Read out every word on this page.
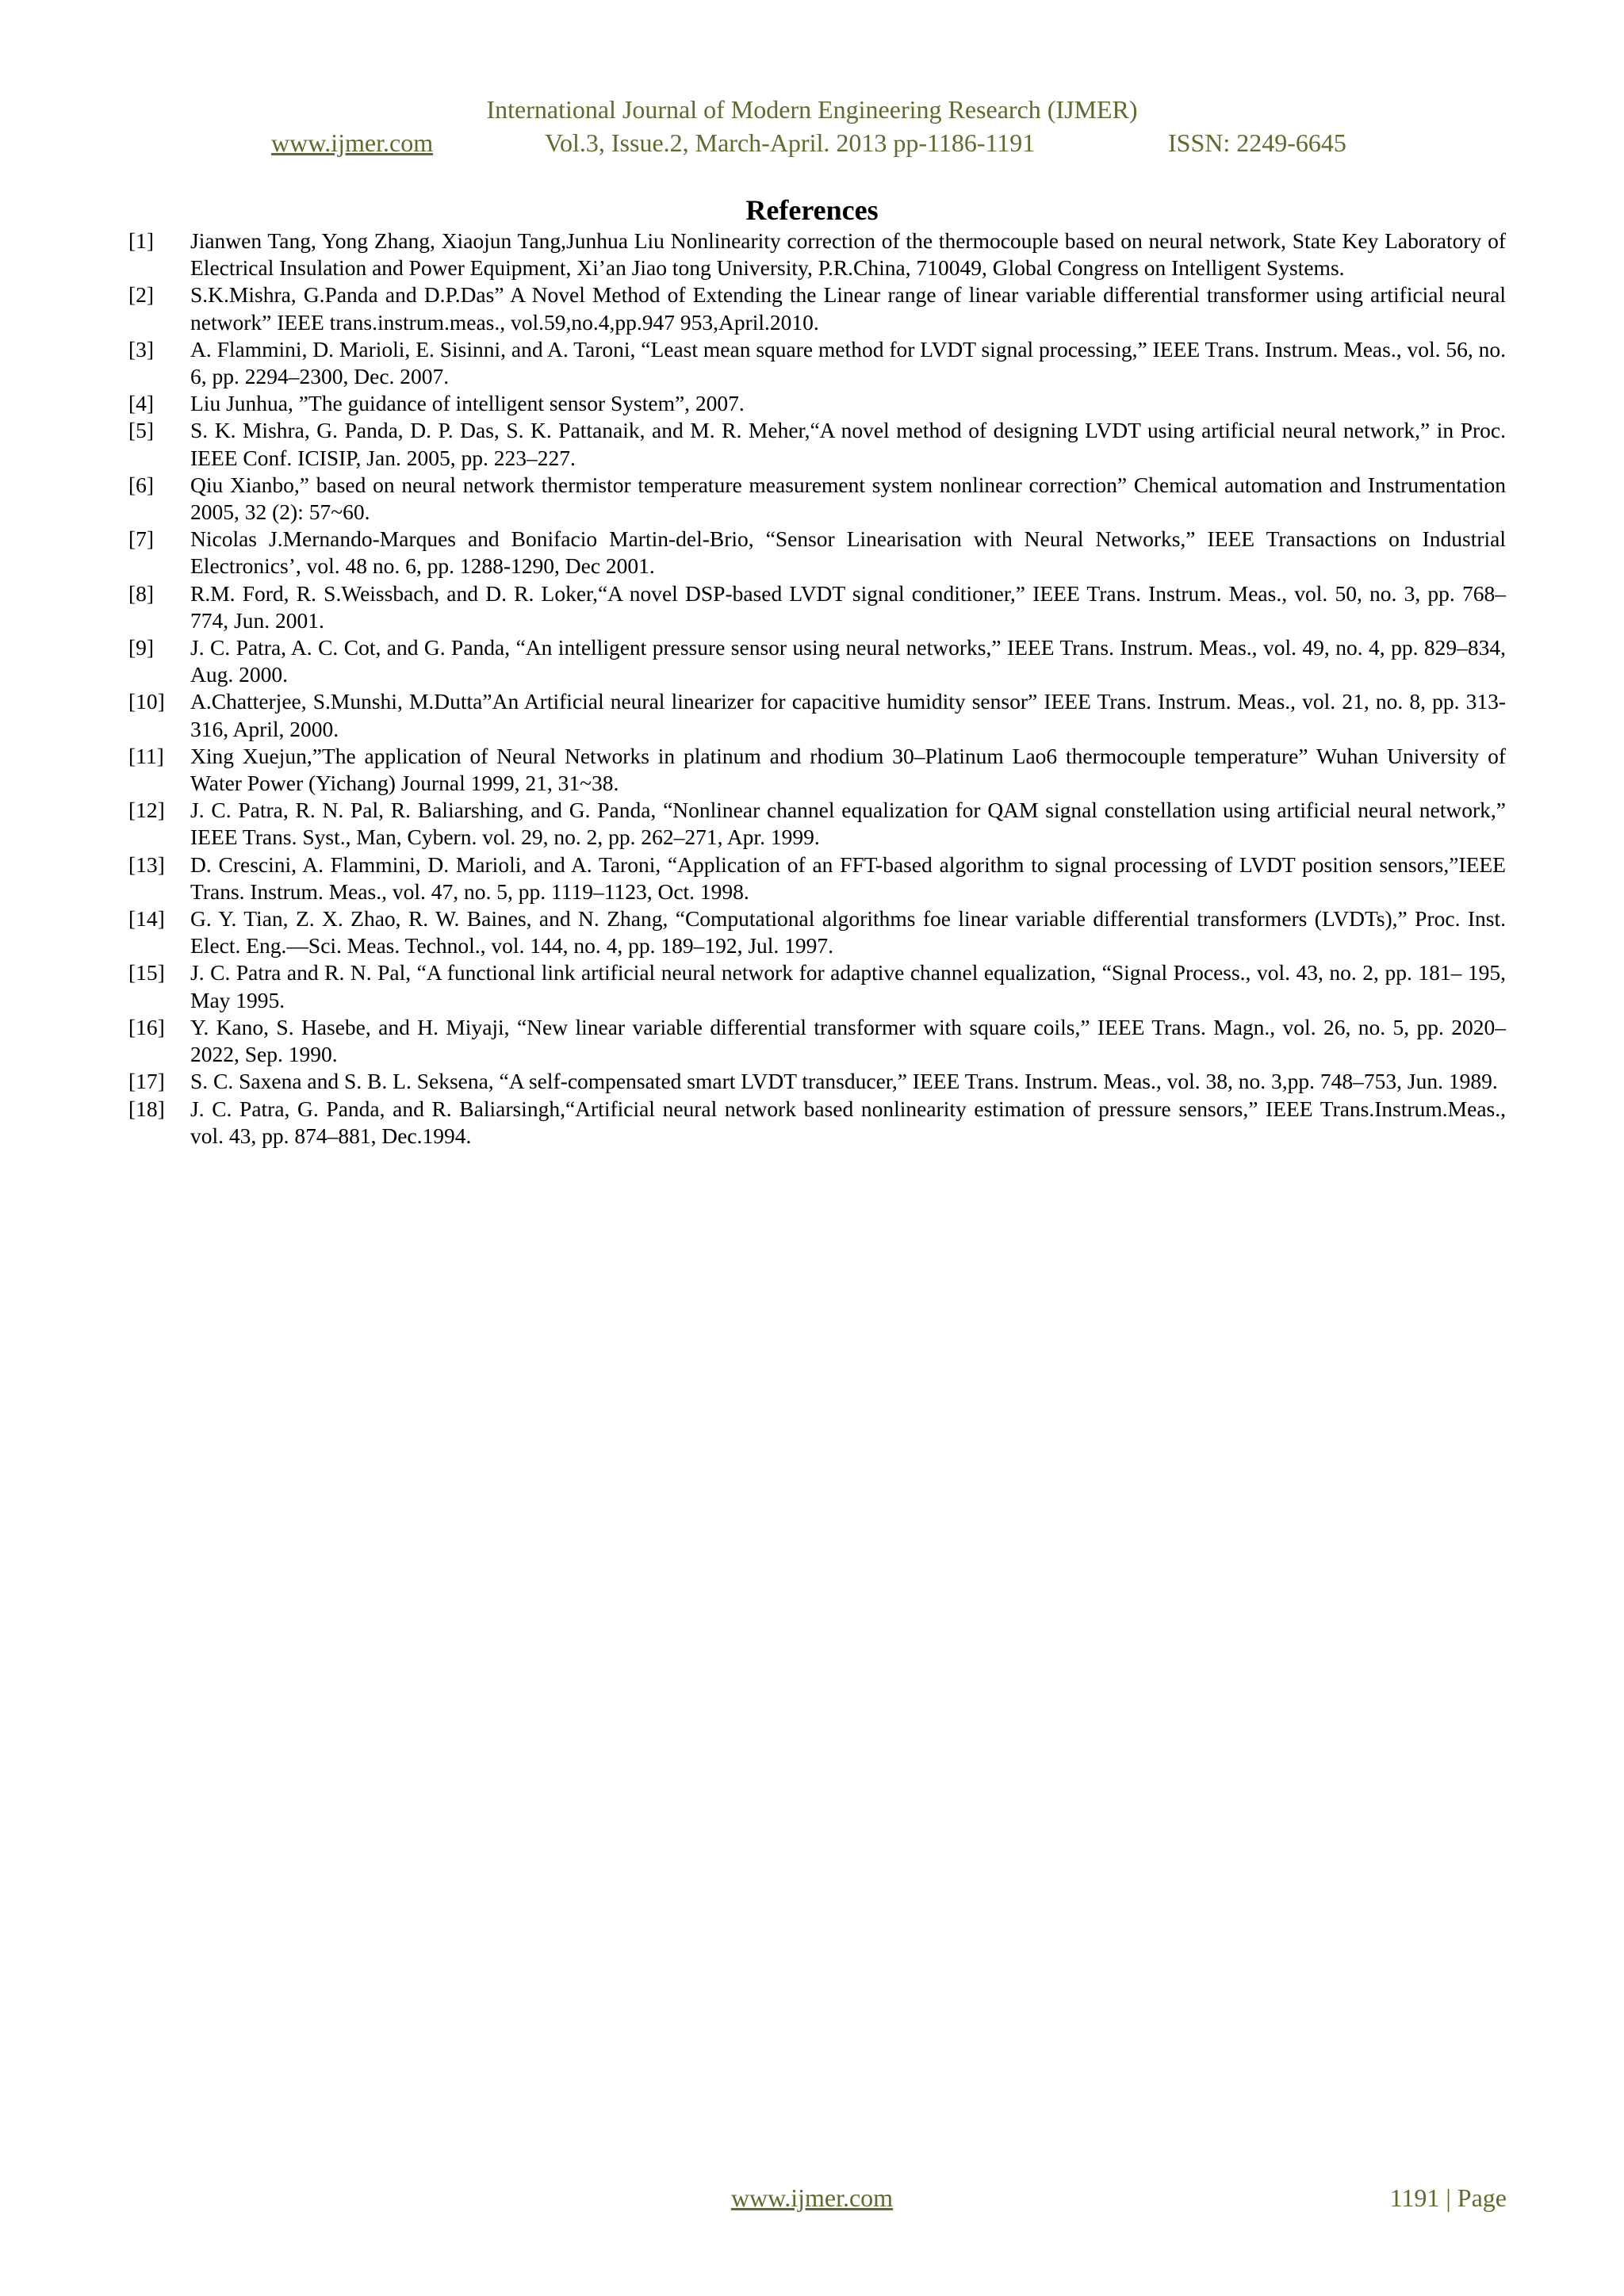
International Journal of Modern Engineering Research (IJMER)
www.ijmer.com	Vol.3, Issue.2, March-April. 2013 pp-1186-1191	ISSN: 2249-6645
References
[1]	Jianwen Tang, Yong Zhang, Xiaojun Tang,Junhua Liu Nonlinearity correction of the thermocouple based on neural network, State Key Laboratory of Electrical Insulation and Power Equipment, Xi’an Jiao tong University, P.R.China, 710049, Global Congress on Intelligent Systems.
[2]	S.K.Mishra, G.Panda and D.P.Das” A Novel Method of Extending the Linear range of linear variable differential transformer using artificial neural network” IEEE trans.instrum.meas., vol.59,no.4,pp.947 953,April.2010.
[3]	A. Flammini, D. Marioli, E. Sisinni, and A. Taroni, “Least mean square method for LVDT signal processing,” IEEE Trans. Instrum. Meas., vol. 56, no. 6, pp. 2294–2300, Dec. 2007.
[4]	Liu Junhua, ”The guidance of intelligent sensor System”, 2007.
[5]	S. K. Mishra, G. Panda, D. P. Das, S. K. Pattanaik, and M. R. Meher,“A novel method of designing LVDT using artificial neural network,” in Proc. IEEE Conf. ICISIP, Jan. 2005, pp. 223–227.
[6]	Qiu Xianbo,” based on neural network thermistor temperature measurement system nonlinear correction” Chemical automation and Instrumentation 2005, 32 (2): 57~60.
[7]	Nicolas J.Mernando-Marques and Bonifacio Martin-del-Brio, “Sensor Linearisation with Neural Networks,” IEEE Transactions on Industrial Electronics’, vol. 48 no. 6, pp. 1288-1290, Dec 2001.
[8]	R.M. Ford, R. S.Weissbach, and D. R. Loker,“A novel DSP-based LVDT signal conditioner,” IEEE Trans. Instrum. Meas., vol. 50, no. 3, pp. 768– 774, Jun. 2001.
[9]	J. C. Patra, A. C. Cot, and G. Panda, “An intelligent pressure sensor using neural networks,” IEEE Trans. Instrum. Meas., vol. 49, no. 4, pp. 829–834, Aug. 2000.
[10]	A.Chatterjee, S.Munshi, M.Dutta”An Artificial neural linearizer for capacitive humidity sensor” IEEE Trans. Instrum. Meas., vol. 21, no. 8, pp. 313-316, April, 2000.
[11]	Xing Xuejun,”The application of Neural Networks in platinum and rhodium 30–Platinum Lao6 thermocouple temperature” Wuhan University of Water Power (Yichang) Journal 1999, 21, 31~38.
[12]	J. C. Patra, R. N. Pal, R. Baliarshing, and G. Panda, “Nonlinear channel equalization for QAM signal constellation using artificial neural network,” IEEE Trans. Syst., Man, Cybern. vol. 29, no. 2, pp. 262–271, Apr. 1999.
[13]	D. Crescini, A. Flammini, D. Marioli, and A. Taroni, “Application of an FFT-based algorithm to signal processing of LVDT position sensors,”IEEE Trans. Instrum. Meas., vol. 47, no. 5, pp. 1119–1123, Oct. 1998.
[14]	G. Y. Tian, Z. X. Zhao, R. W. Baines, and N. Zhang, “Computational algorithms foe linear variable differential transformers (LVDTs),” Proc. Inst. Elect. Eng.—Sci. Meas. Technol., vol. 144, no. 4, pp. 189–192, Jul. 1997.
[15]	J. C. Patra and R. N. Pal, “A functional link artificial neural network for adaptive channel equalization, “Signal Process., vol. 43, no. 2, pp. 181– 195, May 1995.
[16]	Y. Kano, S. Hasebe, and H. Miyaji, “New linear variable differential transformer with square coils,” IEEE Trans. Magn., vol. 26, no. 5, pp. 2020–2022, Sep. 1990.
[17]	S. C. Saxena and S. B. L. Seksena, “A self-compensated smart LVDT transducer,” IEEE Trans. Instrum. Meas., vol. 38, no. 3,pp. 748–753, Jun. 1989.
[18]	J. C. Patra, G. Panda, and R. Baliarsingh,“Artificial neural network based nonlinearity estimation of pressure sensors,” IEEE Trans.Instrum.Meas., vol. 43, pp. 874–881, Dec.1994.
www.ijmer.com	1191 | Page
